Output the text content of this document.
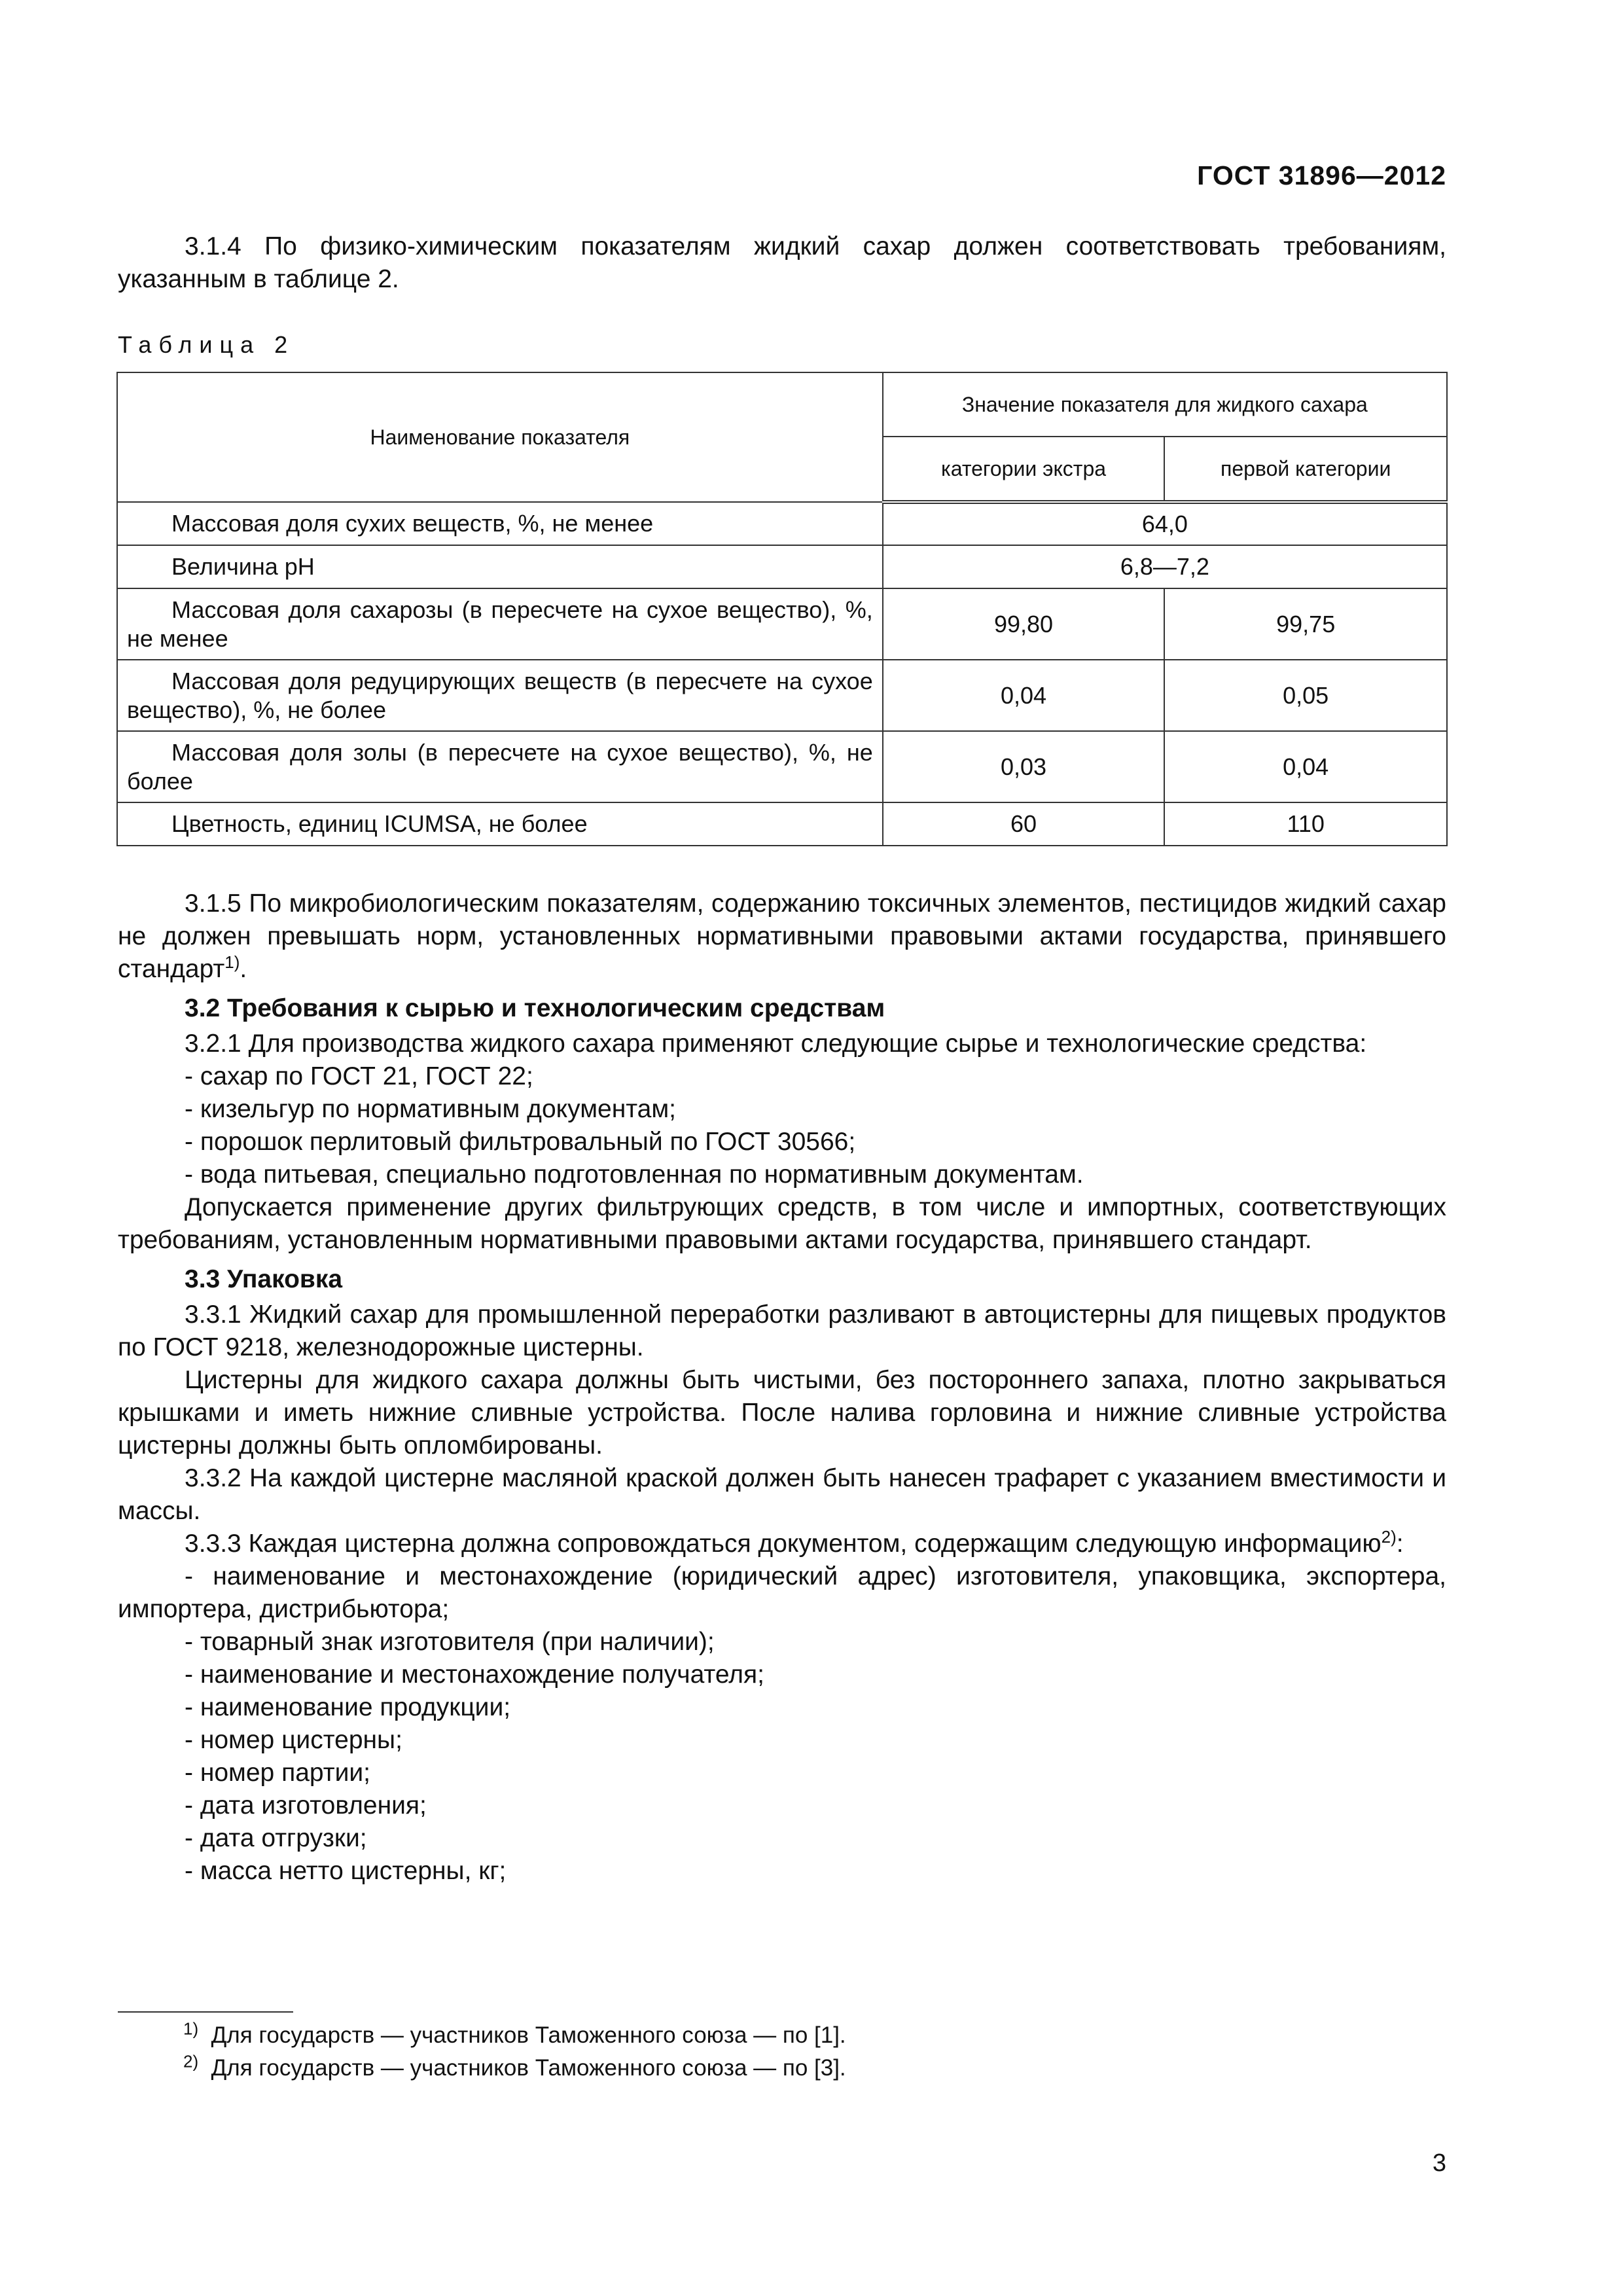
ГОСТ 31896—2012

3.1.4 По физико-химическим показателям жидкий сахар должен соответствовать требованиям, указанным в таблице 2.

Таблица 2
Наименование показателя	Значение показателя для жидкого сахара	
	категории экстра	первой категории
Массовая доля сухих веществ, %, не менее	64,0	
Величина pH	6,8—7,2	
Массовая доля сахарозы (в пересчете на сухое вещество), %, не менее	99,80	99,75
Массовая доля редуцирующих веществ (в пересчете на сухое вещество), %, не более	0,04	0,05
Массовая доля золы (в пересчете на сухое вещество), %, не более	0,03	0,04
Цветность, единиц ICUMSA, не более	60	110

3.1.5 По микробиологическим показателям, содержанию токсичных элементов, пестицидов жидкий сахар не должен превышать норм, установленных нормативными правовыми актами государства, принявшего стандарт$^{1)}$.

3.2 Требования к сырью и технологическим средствам

3.2.1 Для производства жидкого сахара применяют следующие сырье и технологические средства:

- сахар по ГОСТ 21, ГОСТ 22;
- кизельгур по нормативным документам;
- порошок перлитовый фильтровальный по ГОСТ 30566;
- вода питьевая, специально подготовленная по нормативным документам.

Допускается применение других фильтрующих средств, в том числе и импортных, соответствующих требованиям, установленным нормативными правовыми актами государства, принявшего стандарт.

3.3 Упаковка

3.3.1 Жидкий сахар для промышленной переработки разливают в автоцистерны для пищевых продуктов по ГОСТ 9218, железнодорожные цистерны.

Цистерны для жидкого сахара должны быть чистыми, без постороннего запаха, плотно закрываться крышками и иметь нижние сливные устройства. После налива горловина и нижние сливные устройства цистерны должны быть опломбированы.

3.3.2 На каждой цистерне масляной краской должен быть нанесен трафарет с указанием вместимости и массы.

3.3.3 Каждая цистерна должна сопровождаться документом, содержащим следующую информацию$^{2)}$:

- наименование и местонахождение (юридический адрес) изготовителя, упаковщика, экспортера, импортера, дистрибьютора;
- товарный знак изготовителя (при наличии);
- наименование и местонахождение получателя;
- наименование продукции;
- номер цистерны;
- номер партии;
- дата изготовления;
- дата отгрузки;
- масса нетто цистерны, кг;
$^{1)}$ Для государств — участников Таможенного союза — по [1].
$^{2)}$ Для государств — участников Таможенного союза — по [3].
3
